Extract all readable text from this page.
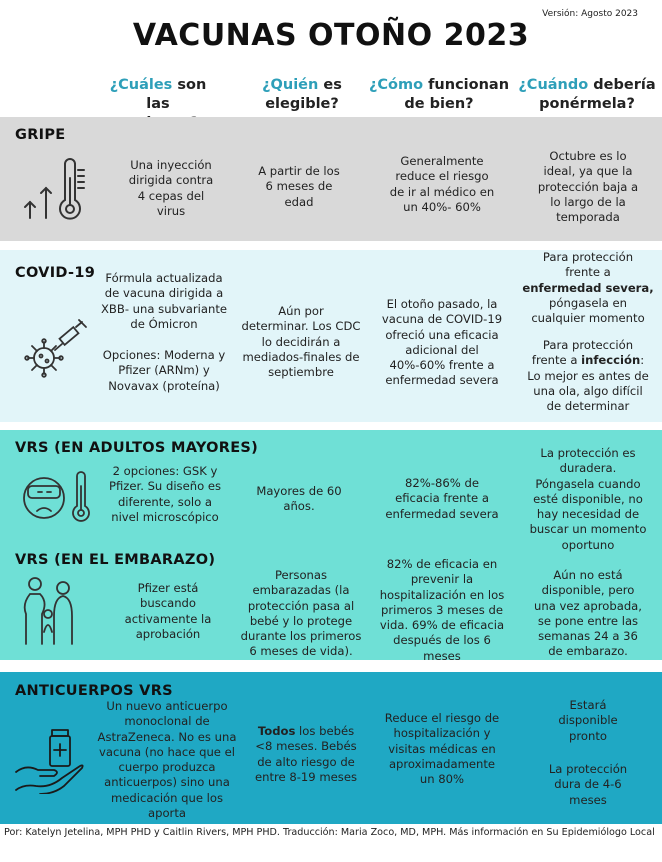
Versión: Agosto 2023
VACUNAS OTOÑO 2023
¿Cuáles son las

¿Quién es
elegible?
¿Cómo funcionan
de bien?
¿Cuándo debería
ponérmela?
GRIPE
Una inyección
dirigida contra
4 cepas del
virus
A partir de los
6 meses de
edad
Generalmente
reduce el riesgo
de ir al médico en
un 40%- 60%
Octubre es lo
ideal, ya que la
protección baja a
lo largo de la
temporada
COVID-19 Fórmula actualizada
de vacuna dirigida a
XBB- una subvariante
de Ómicron
Opciones: Moderna y
Pfizer (ARNm) y
Novavax (proteína)
Aún por
determinar. Los CDC
lo decidirán a
mediados-finales de
septiembre
El otoño pasado, la
vacuna de COVID-19
ofreció una eficacia
adicional del
40%-60% frente a
enfermedad severa
Para protección
frente a
enfermedad severa,
póngasela en
cualquier momento
Para protección
frente a infección:
Lo mejor es antes de
una ola, algo difícil
de determinar
VRS (EN ADULTOS MAYORES)
2 opciones: GSK y
Pfizer. Su diseño es
diferente, solo a
nivel microscópico
Mayores de 60
años.
82%-86% de
eficacia frente a
enfermedad severa
La protección es
duradera.
Póngasela cuando
esté disponible, no
hay necesidad de
buscar un momento
oportuno
VRS (EN EL EMBARAZO)
Pfizer está
buscando
activamente la
aprobación
Personas
embarazadas (la
protección pasa al
bebé y lo protege
durante los primeros
6 meses de vida).
82% de eficacia en
prevenir la
hospitalización en los
primeros 3 meses de
vida. 69% de eficacia
después de los 6
meses
Aún no está
disponible, pero
una vez aprobada,
se pone entre las
semanas 24 a 36
de embarazo.
ANTICUERPOS VRS
Un nuevo anticuerpo
monoclonal de
AstraZeneca. No es una
vacuna (no hace que el
cuerpo produzca
anticuerpos) sino una
medicación que los
aporta
Todos los bebés
<8 meses. Bebés
de alto riesgo de
entre 8-19 meses
Reduce el riesgo de
hospitalización y
visitas médicas en
aproximadamente
un 80%
Estará
disponible
pronto
La protección
dura de 4-6
meses
Por: Katelyn Jetelina, MPH PHD y Caitlin Rivers, MPH PHD. Traducción: Maria Zoco, MD, MPH. Más información en Su Epidemiólogo Local
